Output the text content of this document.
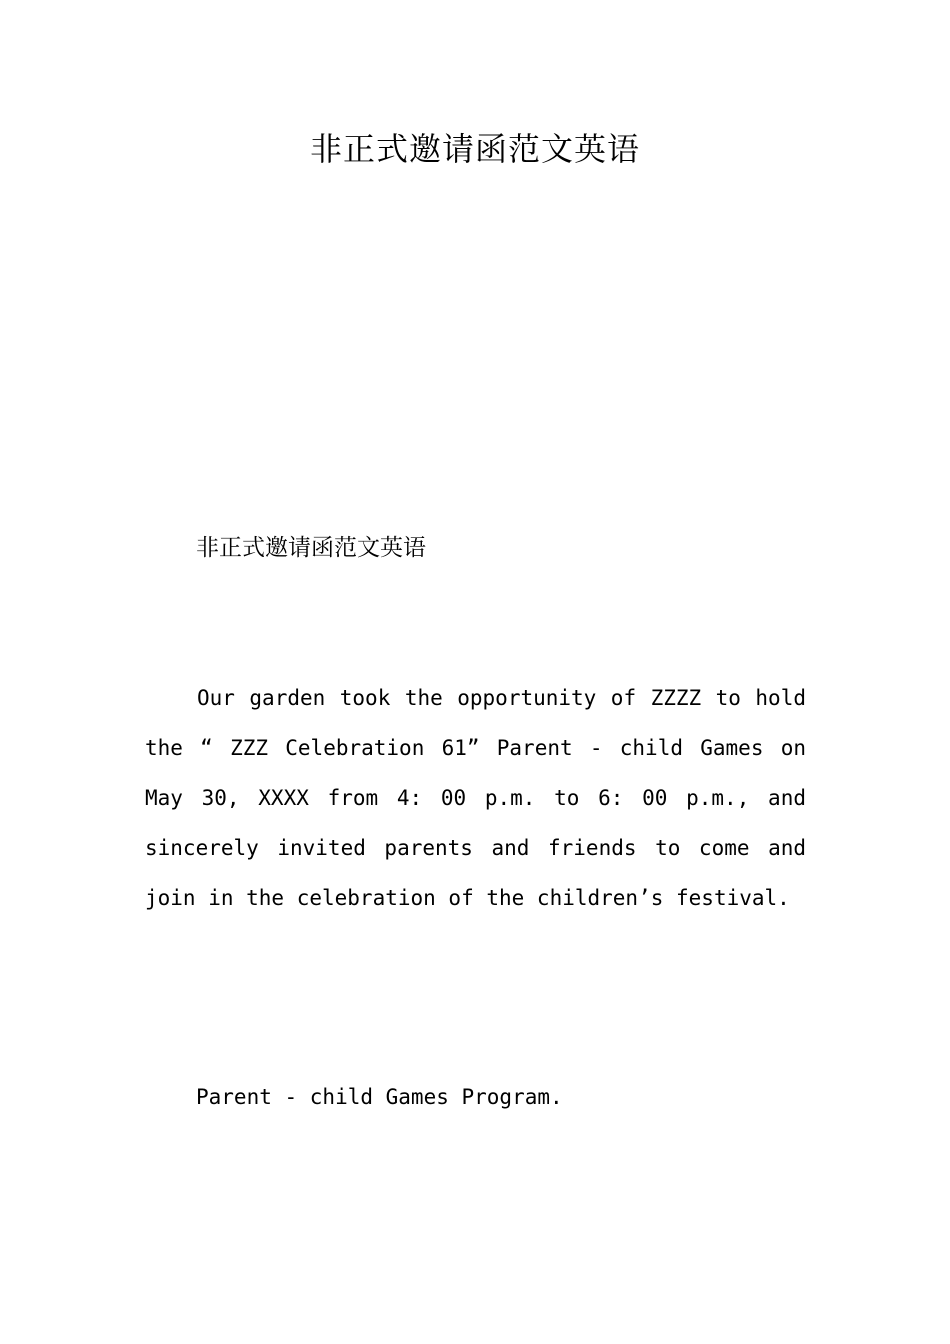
非正式邀请函范文英语

非正式邀请函范文英语

Our garden took the opportunity of ZZZZ to hold the “ ZZZ Celebration 61” Parent - child Games on May 30, XXXX from 4: 00 p.m. to 6: 00 p.m., and sincerely invited parents and friends to come and join in the celebration of the children’s festival.

Parent - child Games Program.
